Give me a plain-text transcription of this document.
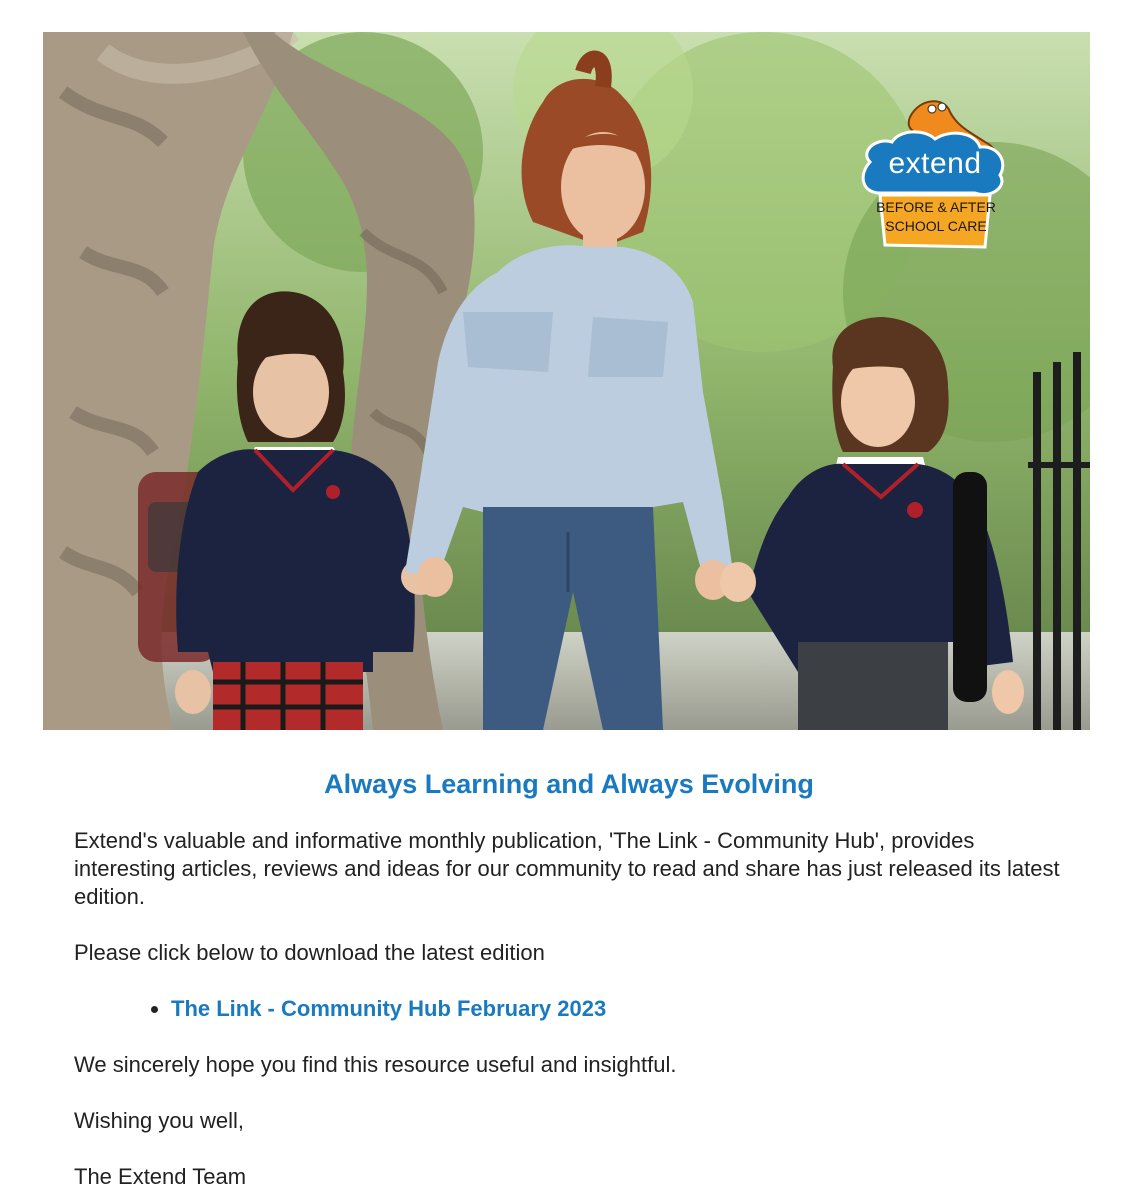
extend
BEFORE & AFTER
SCHOOL CARE
Always Learning and Always Evolving

Extend's valuable and informative monthly publication, 'The Link - Community Hub', provides interesting articles, reviews and ideas for our community to read and share has just released its latest edition.

Please click below to download the latest edition

• The Link - Community Hub February 2023

We sincerely hope you find this resource useful and insightful.

Wishing you well,

The Extend Team
